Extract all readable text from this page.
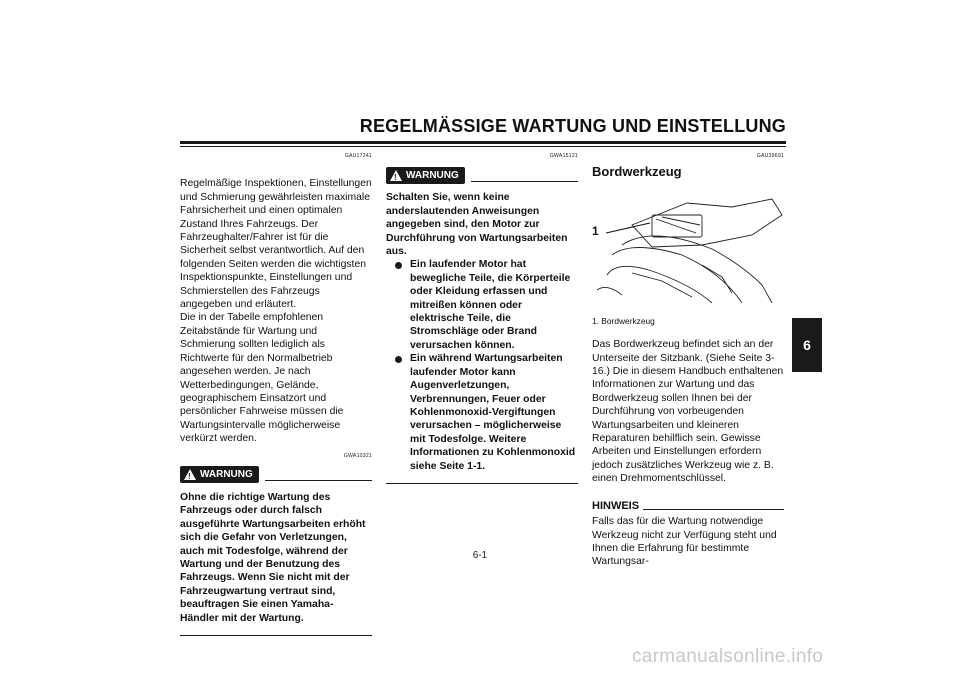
REGELMÄSSIGE WARTUNG UND EINSTELLUNG
GAU17241

Regelmäßige Inspektionen, Einstellungen und Schmierung gewährleisten maximale Fahrsicherheit und einen optimalen Zustand Ihres Fahrzeugs. Der Fahrzeughalter/Fahrer ist für die Sicherheit selbst verantwortlich. Auf den folgenden Seiten werden die wichtigsten Inspektionspunkte, Einstellungen und Schmierstellen des Fahrzeugs angegeben und erläutert.

Die in der Tabelle empfohlenen Zeitabstände für Wartung und Schmierung sollten lediglich als Richtwerte für den Normalbetrieb angesehen werden. Je nach Wetterbedingungen, Gelände, geographischem Einsatzort und persönlicher Fahrweise müssen die Wartungsintervalle möglicherweise verkürzt werden.

GWA10321
! WARNUNG

Ohne die richtige Wartung des Fahrzeugs oder durch falsch ausgeführte Wartungsarbeiten erhöht sich die Gefahr von Verletzungen, auch mit Todesfolge, während der Wartung und der Benutzung des Fahrzeugs. Wenn Sie nicht mit der Fahrzeugwartung vertraut sind, beauftragen Sie einen Yamaha-Händler mit der Wartung.

GWA15121
! WARNUNG

Schalten Sie, wenn keine anderslautenden Anweisungen angegeben sind, den Motor zur Durchführung von Wartungsarbeiten aus.

Ein laufender Motor hat bewegliche Teile, die Körperteile oder Kleidung erfassen und mitreißen können oder elektrische Teile, die Stromschläge oder Brand verursachen können.
Ein während Wartungsarbeiten laufender Motor kann Augenverletzungen, Verbrennungen, Feuer oder Kohlenmonoxid-Vergiftungen verursachen – möglicherweise mit Todesfolge. Weitere Informationen zu Kohlenmonoxid siehe Seite 1-1.
GAU39691
Bordwerkzeug
1
1. Bordwerkzeug

Das Bordwerkzeug befindet sich an der Unterseite der Sitzbank. (Siehe Seite 3-16.) Die in diesem Handbuch enthaltenen Informationen zur Wartung und das Bordwerkzeug sollen Ihnen bei der Durchführung von vorbeugenden Wartungsarbeiten und kleineren Reparaturen behilflich sein. Gewisse Arbeiten und Einstellungen erfordern jedoch zusätzliches Werkzeug wie z. B. einen Drehmomentschlüssel.

HINWEIS

Falls das für die Wartung notwendige Werkzeug nicht zur Verfügung steht und Ihnen die Erfahrung für bestimmte Wartungsar-

6
6-1
carmanualsonline.info
